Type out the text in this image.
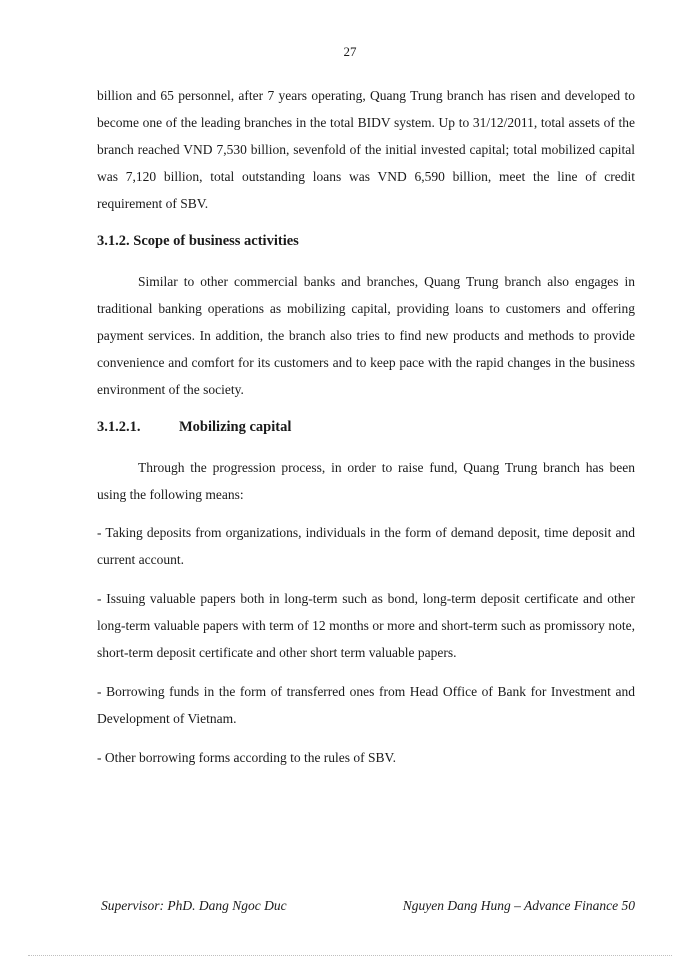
27

billion and 65 personnel, after 7 years operating, Quang Trung branch has risen and developed to become one of the leading branches in the total BIDV system. Up to 31/12/2011, total assets of the branch reached VND 7,530 billion, sevenfold of the initial invested capital; total mobilized capital was 7,120 billion, total outstanding loans was VND 6,590 billion, meet the line of credit requirement of SBV.

3.1.2. Scope of business activities

Similar to other commercial banks and branches, Quang Trung branch also engages in traditional banking operations as mobilizing capital, providing loans to customers and offering payment services. In addition, the branch also tries to find new products and methods to provide convenience and comfort for its customers and to keep pace with the rapid changes in the business environment of the society.

3.1.2.1.	Mobilizing capital

Through the progression process, in order to raise fund, Quang Trung branch has been using the following means:

- Taking deposits from organizations, individuals in the form of demand deposit, time deposit and current account.

- Issuing valuable papers both in long-term such as bond, long-term deposit certificate and other long-term valuable papers with term of 12 months or more and short-term such as promissory note, short-term deposit certificate and other short term valuable papers.

- Borrowing funds in the form of transferred ones from Head Office of Bank for Investment and Development of Vietnam.

- Other borrowing forms according to the rules of SBV.

Supervisor: PhD. Dang Ngoc Duc	Nguyen Dang Hung – Advance Finance 50
